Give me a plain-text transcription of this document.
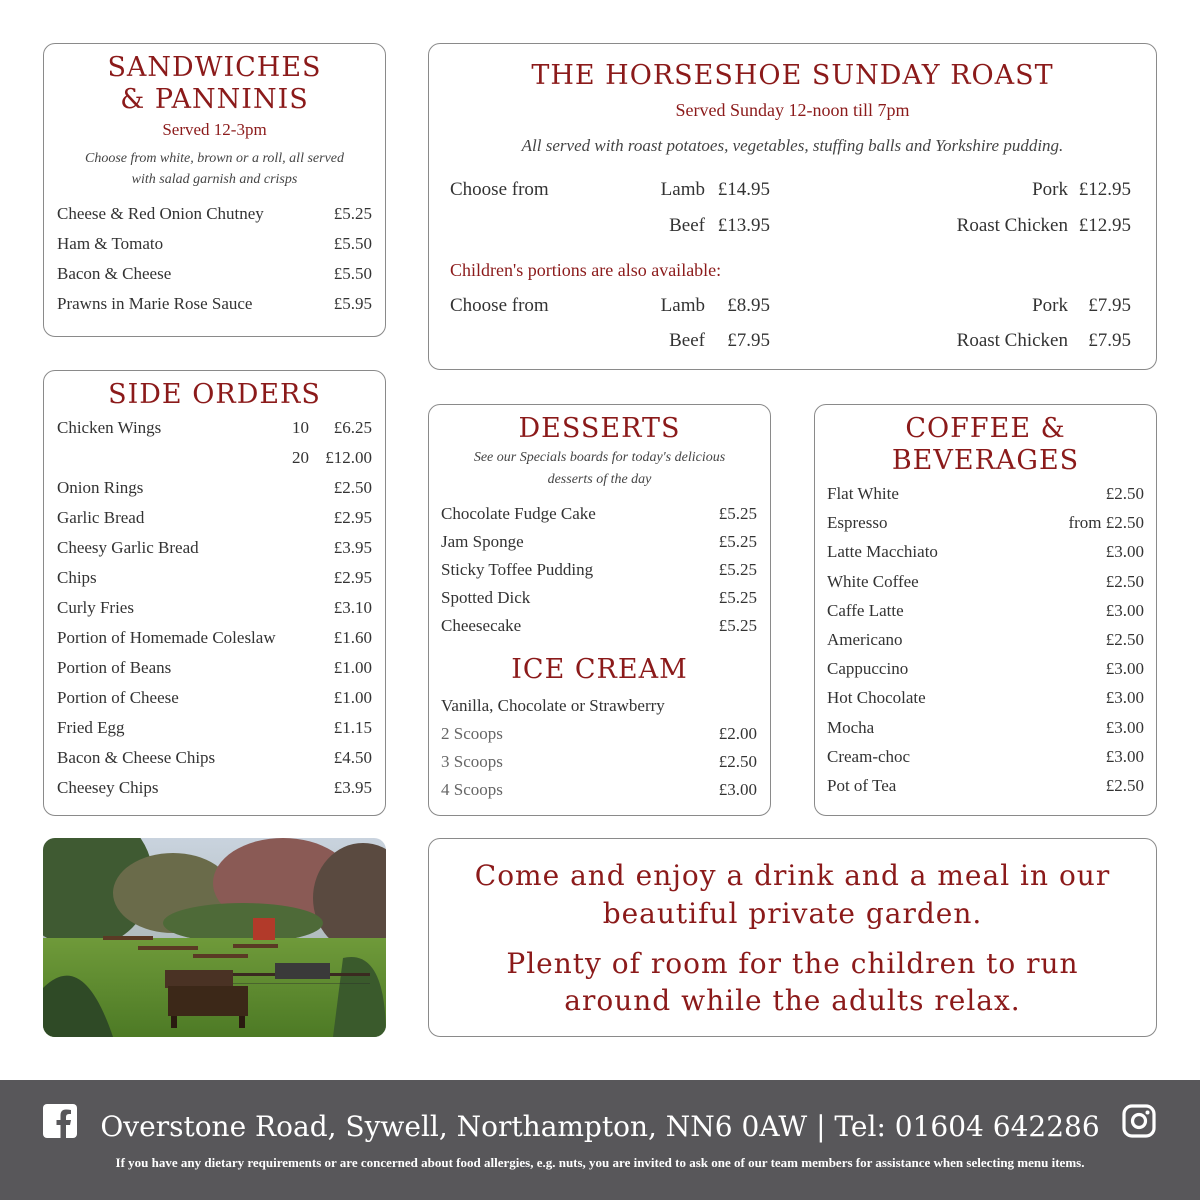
SANDWICHES & PANNINIS
Served 12-3pm
Choose from white, brown or a roll, all served
with salad garnish and crisps
Cheese & Red Onion Chutney	£5.25
Ham & Tomato	£5.50
Bacon & Cheese	£5.50
Prawns in Marie Rose Sauce	£5.95
THE HORSESHOE SUNDAY ROAST
Served Sunday 12-noon till 7pm
All served with roast potatoes, vegetables, stuffing balls and Yorkshire pudding.
Choose from	Lamb £14.95	Pork £12.95
Beef £13.95	Roast Chicken £12.95
Children's portions are also available:
Choose from	Lamb £8.95	Pork £7.95
Beef £7.95	Roast Chicken £7.95
SIDE ORDERS
Chicken Wings	10 £6.25
20 £12.00
Onion Rings	£2.50
Garlic Bread	£2.95
Cheesy Garlic Bread	£3.95
Chips	£2.95
Curly Fries	£3.10
Portion of Homemade Coleslaw	£1.60
Portion of Beans	£1.00
Portion of Cheese	£1.00
Fried Egg	£1.15
Bacon & Cheese Chips	£4.50
Cheesey Chips	£3.95
DESSERTS
See our Specials boards for today's delicious
desserts of the day
Chocolate Fudge Cake	£5.25
Jam Sponge	£5.25
Sticky Toffee Pudding	£5.25
Spotted Dick	£5.25
Cheesecake	£5.25
ICE CREAM
Vanilla, Chocolate or Strawberry
2 Scoops	£2.00
3 Scoops	£2.50
4 Scoops	£3.00
COFFEE &
BEVERAGES
Flat White	£2.50
Espresso	from £2.50
Latte Macchiato	£3.00
White Coffee	£2.50
Caffe Latte	£3.00
Americano	£2.50
Cappuccino	£3.00
Hot Chocolate	£3.00
Mocha	£3.00
Cream-choc	£3.00
Pot of Tea	£2.50
Come and enjoy a drink and a meal in our
beautiful private garden.
Plenty of room for the children to run
around while the adults relax.
Overstone Road, Sywell, Northampton, NN6 0AW | Tel: 01604 642286
If you have any dietary requirements or are concerned about food allergies, e.g. nuts, you are invited to ask one of our team members for assistance when selecting menu items.
